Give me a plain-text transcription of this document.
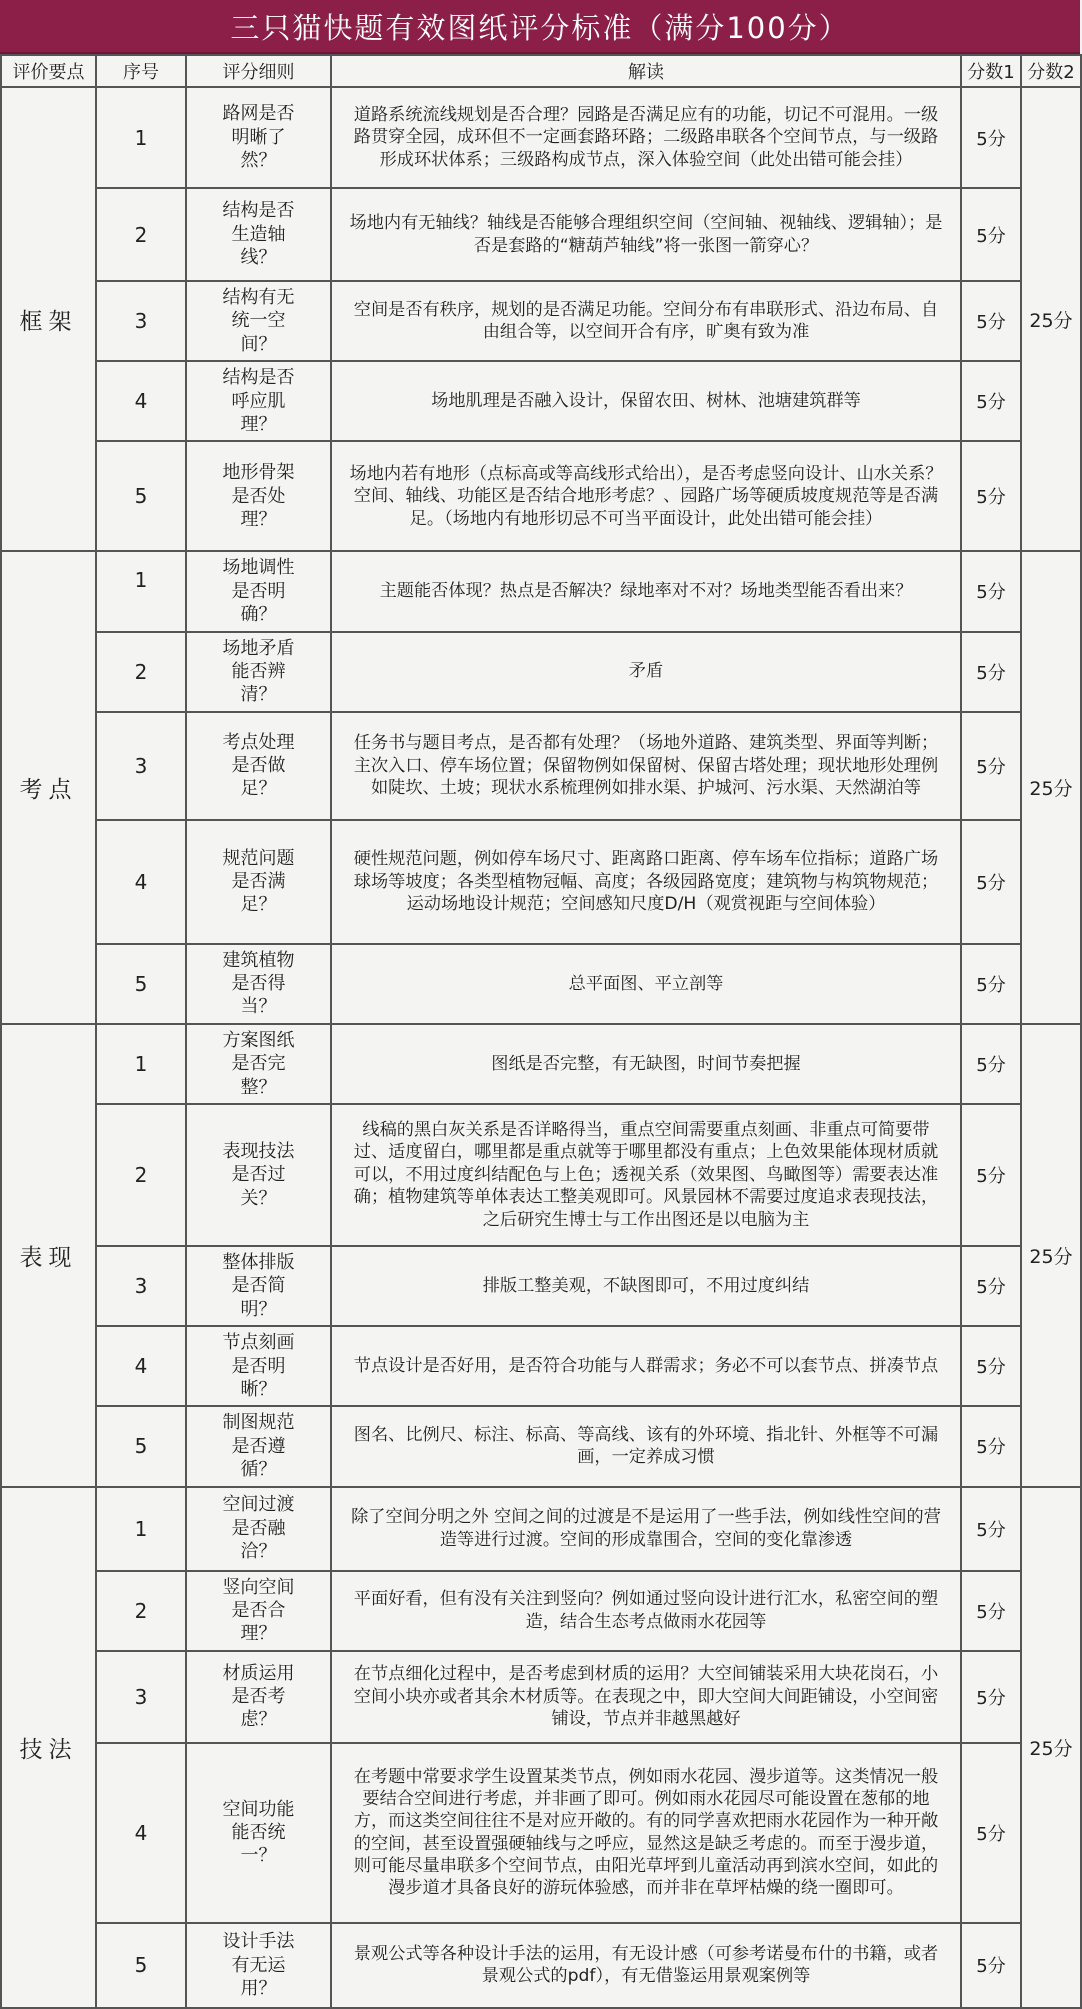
三只猫快题有效图纸评分标准（满分100分）
评价要点	序号	评分细则	解读	分数1	分数2
框架	1	路网是否明晰了然？	道路系统流线规划是否合理？园路是否满足应有的功能，切记不可混用。一级路贯穿全园，成环但不一定画套路环路；二级路串联各个空间节点，与一级路形成环状体系；三级路构成节点，深入体验空间（此处出错可能会挂）	5分	25分
	2	结构是否生造轴线？	场地内有无轴线？轴线是否能够合理组织空间（空间轴、视轴线、逻辑轴）；是否是套路的“糖葫芦轴线”将一张图一箭穿心？	5分	
	3	结构有无统一空间？	空间是否有秩序，规划的是否满足功能。空间分布有串联形式、沿边布局、自由组合等，以空间开合有序，旷奥有致为准	5分	
	4	结构是否呼应肌理？	场地肌理是否融入设计，保留农田、树林、池塘建筑群等	5分	
	5	地形骨架是否处理？	场地内若有地形（点标高或等高线形式给出），是否考虑竖向设计、山水关系？空间、轴线、功能区是否结合地形考虑？、园路广场等硬质坡度规范等是否满足。（场地内有地形切忌不可当平面设计，此处出错可能会挂）	5分	
考点	1	场地调性是否明确？	主题能否体现？热点是否解决？绿地率对不对？场地类型能否看出来？	5分	25分
	2	场地矛盾能否辨清？	矛盾	5分	
	3	考点处理是否做足？	任务书与题目考点，是否都有处理？（场地外道路、建筑类型、界面等判断；主次入口、停车场位置；保留物例如保留树、保留古塔处理；现状地形处理例如陡坎、土坡；现状水系梳理例如排水渠、护城河、污水渠、天然湖泊等	5分	
	4	规范问题是否满足？	硬性规范问题，例如停车场尺寸、距离路口距离、停车场车位指标；道路广场球场等坡度；各类型植物冠幅、高度；各级园路宽度；建筑物与构筑物规范；运动场地设计规范；空间感知尺度D/H（观赏视距与空间体验）	5分	
	5	建筑植物是否得当？	总平面图、平立剖等	5分	
表现	1	方案图纸是否完整？	图纸是否完整，有无缺图，时间节奏把握	5分	25分
	2	表现技法是否过关？	线稿的黑白灰关系是否详略得当，重点空间需要重点刻画、非重点可简要带过、适度留白，哪里都是重点就等于哪里都没有重点；上色效果能体现材质就可以，不用过度纠结配色与上色；透视关系（效果图、鸟瞰图等）需要表达准确；植物建筑等单体表达工整美观即可。风景园林不需要过度追求表现技法，之后研究生博士与工作出图还是以电脑为主	5分	
	3	整体排版是否简明？	排版工整美观，不缺图即可，不用过度纠结	5分	
	4	节点刻画是否明晰？	节点设计是否好用，是否符合功能与人群需求；务必不可以套节点、拼凑节点	5分	
	5	制图规范是否遵循？	图名、比例尺、标注、标高、等高线、该有的外环境、指北针、外框等不可漏画，一定养成习惯	5分	
技法	1	空间过渡是否融洽？	除了空间分明之外 空间之间的过渡是不是运用了一些手法，例如线性空间的营造等进行过渡。空间的形成靠围合，空间的变化靠渗透	5分	25分
	2	竖向空间是否合理？	平面好看，但有没有关注到竖向？例如通过竖向设计进行汇水，私密空间的塑造，结合生态考点做雨水花园等	5分	
	3	材质运用是否考虑？	在节点细化过程中，是否考虑到材质的运用？大空间铺装采用大块花岗石，小空间小块亦或者其余木材质等。在表现之中，即大空间大间距铺设，小空间密铺设，节点并非越黑越好	5分	
	4	空间功能能否统一？	在考题中常要求学生设置某类节点，例如雨水花园、漫步道等。这类情况一般要结合空间进行考虑，并非画了即可。例如雨水花园尽可能设置在葱郁的地方，而这类空间往往不是对应开敞的。有的同学喜欢把雨水花园作为一种开敞的空间，甚至设置强硬轴线与之呼应，显然这是缺乏考虑的。而至于漫步道，则可能尽量串联多个空间节点，由阳光草坪到儿童活动再到滨水空间，如此的漫步道才具备良好的游玩体验感，而并非在草坪枯燥的绕一圈即可。	5分	
	5	设计手法有无运用？	景观公式等各种设计手法的运用，有无设计感（可参考诺曼布什的书籍，或者景观公式的pdf），有无借鉴运用景观案例等	5分	
